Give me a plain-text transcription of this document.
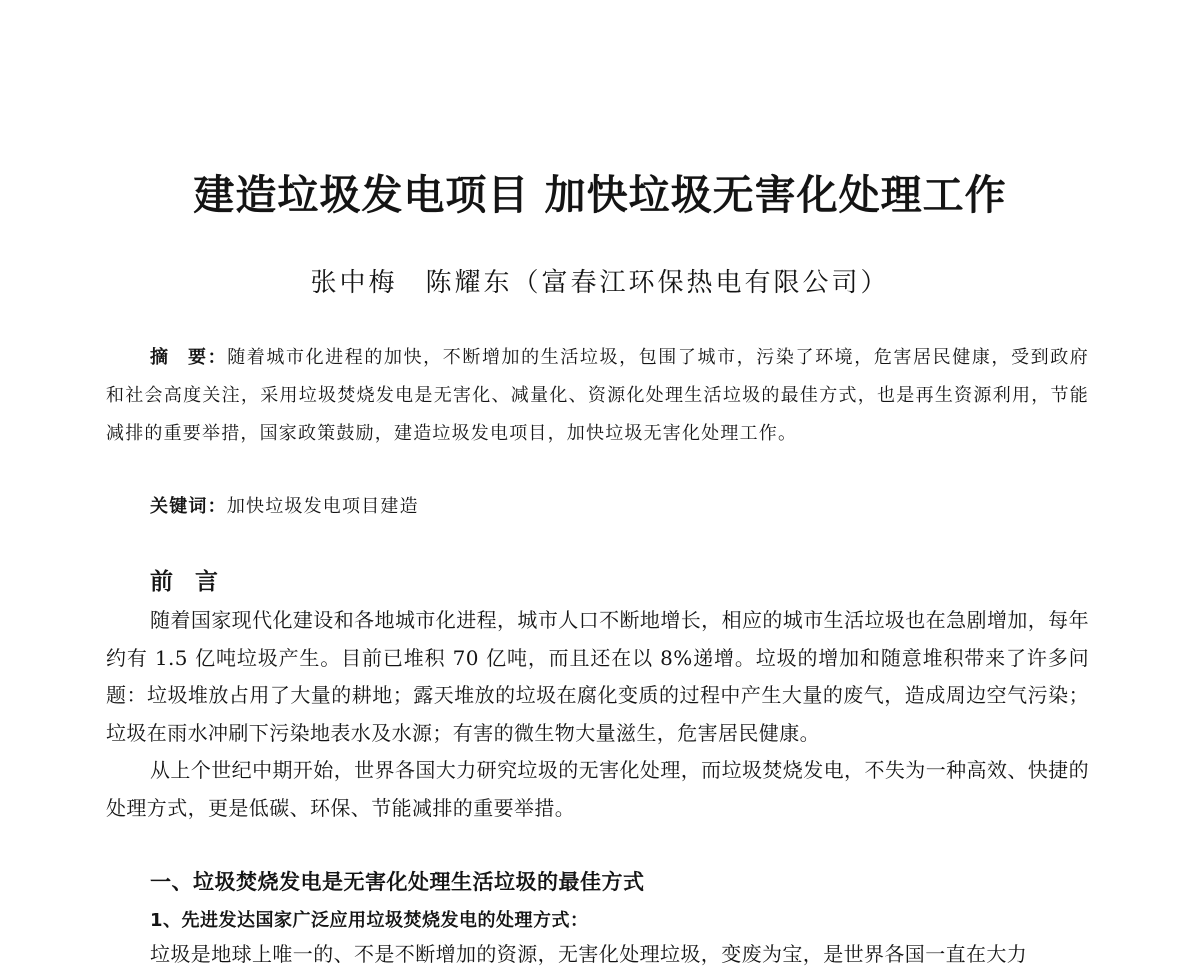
建造垃圾发电项目 加快垃圾无害化处理工作
张中梅 陈耀东（富春江环保热电有限公司）

摘 要：随着城市化进程的加快，不断增加的生活垃圾，包围了城市，污染了环境，危害居民健康，受到政府和社会高度关注，采用垃圾焚烧发电是无害化、减量化、资源化处理生活垃圾的最佳方式，也是再生资源利用，节能减排的重要举措，国家政策鼓励，建造垃圾发电项目，加快垃圾无害化处理工作。

关键词：加快垃圾发电项目建造

前 言

随着国家现代化建设和各地城市化进程，城市人口不断地增长，相应的城市生活垃圾也在急剧增加，每年约有 1.5 亿吨垃圾产生。目前已堆积 70 亿吨，而且还在以 8%递增。垃圾的增加和随意堆积带来了许多问题：垃圾堆放占用了大量的耕地；露天堆放的垃圾在腐化变质的过程中产生大量的废气，造成周边空气污染；垃圾在雨水冲刷下污染地表水及水源；有害的微生物大量滋生，危害居民健康。

从上个世纪中期开始，世界各国大力研究垃圾的无害化处理，而垃圾焚烧发电，不失为一种高效、快捷的处理方式，更是低碳、环保、节能减排的重要举措。

一、垃圾焚烧发电是无害化处理生活垃圾的最佳方式
1、先进发达国家广泛应用垃圾焚烧发电的处理方式：
垃圾是地球上唯一的、不是不断增加的资源，无害化处理垃圾，变废为宝，是世界各国一直在大力
